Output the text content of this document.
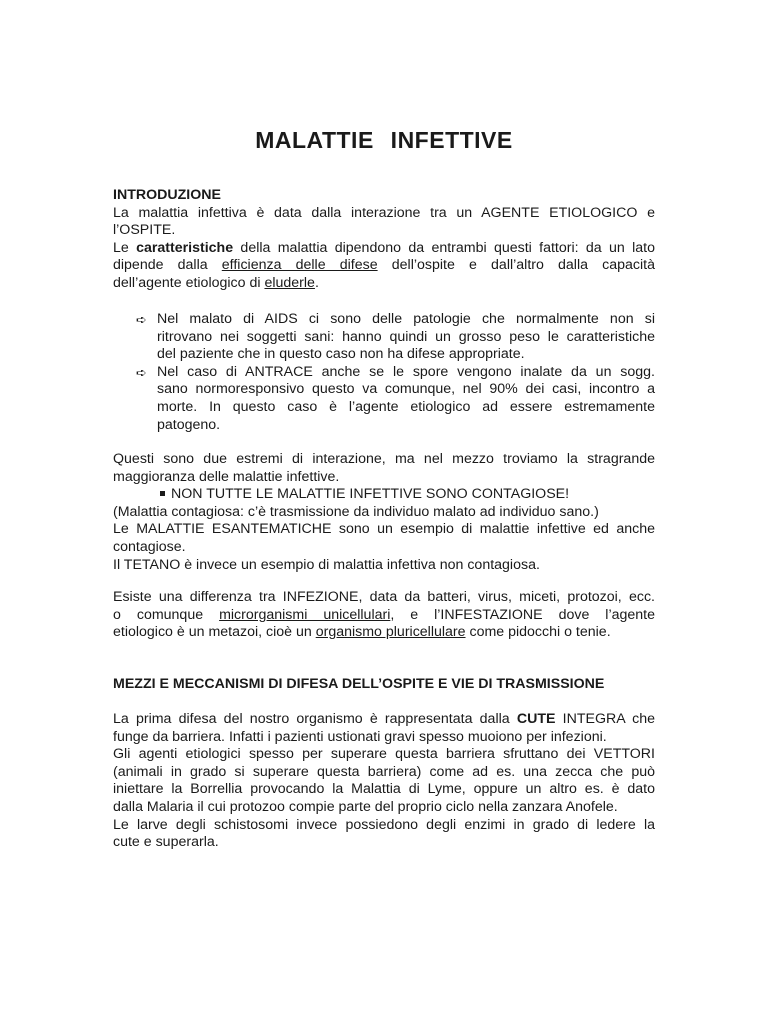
MALATTIE INFETTIVE
INTRODUZIONE
La malattia infettiva è data dalla interazione tra un AGENTE ETIOLOGICO e
l’OSPITE.
Le caratteristiche della malattia dipendono da entrambi questi fattori: da un lato
dipende dalla efficienza delle difese dell’ospite e dall’altro dalla capacità
dell’agente etiologico di eluderle.
➪ Nel malato di AIDS ci sono delle patologie che normalmente non si
ritrovano nei soggetti sani: hanno quindi un grosso peso le caratteristiche
del paziente che in questo caso non ha difese appropriate.
➪ Nel caso di ANTRACE anche se le spore vengono inalate da un sogg.
sano normoresponsivo questo va comunque, nel 90% dei casi, incontro a
morte. In questo caso è l’agente etiologico ad essere estremamente
patogeno.
Questi sono due estremi di interazione, ma nel mezzo troviamo la stragrande
maggioranza delle malattie infettive.
NON TUTTE LE MALATTIE INFETTIVE SONO CONTAGIOSE!
(Malattia contagiosa: c’è trasmissione da individuo malato ad individuo sano.)
Le MALATTIE ESANTEMATICHE sono un esempio di malattie infettive ed anche
contagiose.
Il TETANO è invece un esempio di malattia infettiva non contagiosa.
Esiste una differenza tra INFEZIONE, data da batteri, virus, miceti, protozoi, ecc.
o comunque microrganismi unicellulari, e l’INFESTAZIONE dove l’agente
etiologico è un metazoi, cioè un organismo pluricellulare come pidocchi o tenie.
MEZZI E MECCANISMI DI DIFESA DELL’OSPITE E VIE DI TRASMISSIONE
La prima difesa del nostro organismo è rappresentata dalla CUTE INTEGRA che
funge da barriera. Infatti i pazienti ustionati gravi spesso muoiono per infezioni.
Gli agenti etiologici spesso per superare questa barriera sfruttano dei VETTORI
(animali in grado si superare questa barriera) come ad es. una zecca che può
iniettare la Borrellia provocando la Malattia di Lyme, oppure un altro es. è dato
dalla Malaria il cui protozoo compie parte del proprio ciclo nella zanzara Anofele.
Le larve degli schistosomi invece possiedono degli enzimi in grado di ledere la
cute e superarla.
